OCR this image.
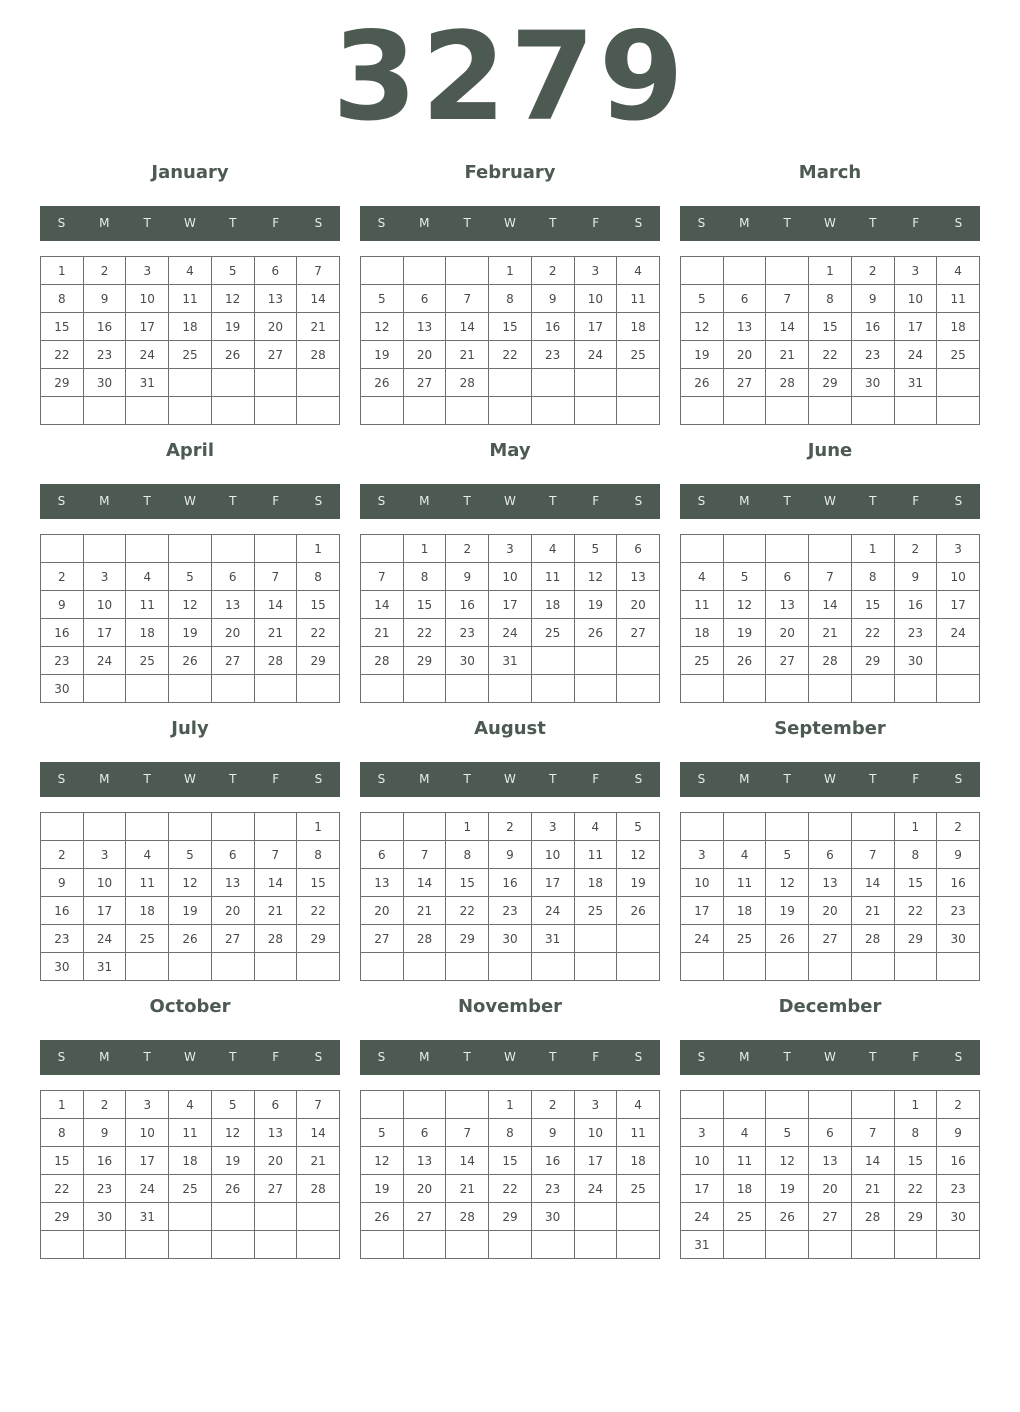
3279
January
S	M	T	W	T	F	S
1	2	3	4	5	6	7
8	9	10	11	12	13	14
15	16	17	18	19	20	21
22	23	24	25	26	27	28
29	30	31				

February
S	M	T	W	T	F	S
			1	2	3	4
5	6	7	8	9	10	11
12	13	14	15	16	17	18
19	20	21	22	23	24	25
26	27	28				

March
S	M	T	W	T	F	S
			1	2	3	4
5	6	7	8	9	10	11
12	13	14	15	16	17	18
19	20	21	22	23	24	25
26	27	28	29	30	31	

April
S	M	T	W	T	F	S
						1
2	3	4	5	6	7	8
9	10	11	12	13	14	15
16	17	18	19	20	21	22
23	24	25	26	27	28	29
30						
May
S	M	T	W	T	F	S
	1	2	3	4	5	6
7	8	9	10	11	12	13
14	15	16	17	18	19	20
21	22	23	24	25	26	27
28	29	30	31			

June
S	M	T	W	T	F	S
				1	2	3
4	5	6	7	8	9	10
11	12	13	14	15	16	17
18	19	20	21	22	23	24
25	26	27	28	29	30	

July
S	M	T	W	T	F	S
						1
2	3	4	5	6	7	8
9	10	11	12	13	14	15
16	17	18	19	20	21	22
23	24	25	26	27	28	29
30	31					
August
S	M	T	W	T	F	S
		1	2	3	4	5
6	7	8	9	10	11	12
13	14	15	16	17	18	19
20	21	22	23	24	25	26
27	28	29	30	31		

September
S	M	T	W	T	F	S
					1	2
3	4	5	6	7	8	9
10	11	12	13	14	15	16
17	18	19	20	21	22	23
24	25	26	27	28	29	30

October
S	M	T	W	T	F	S
1	2	3	4	5	6	7
8	9	10	11	12	13	14
15	16	17	18	19	20	21
22	23	24	25	26	27	28
29	30	31				

November
S	M	T	W	T	F	S
			1	2	3	4
5	6	7	8	9	10	11
12	13	14	15	16	17	18
19	20	21	22	23	24	25
26	27	28	29	30		

December
S	M	T	W	T	F	S
					1	2
3	4	5	6	7	8	9
10	11	12	13	14	15	16
17	18	19	20	21	22	23
24	25	26	27	28	29	30
31						
